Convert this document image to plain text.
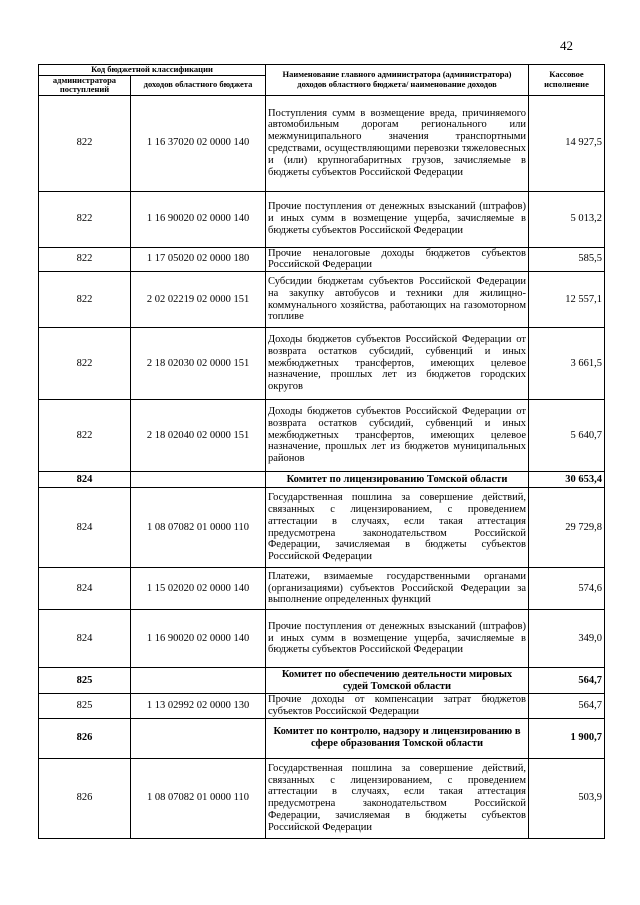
42
Код бюджетной классификации		Наименование главного администратора (администратора) доходов областного бюджета/ наименование доходов	Кассовое исполнение
администратора поступлений	доходов областного бюджета		
822	1 16 37020 02 0000 140	Поступления сумм в возмещение вреда, причиняемого автомобильным дорогам регионального или межмуниципального значения транспортными средствами, осуществляющими перевозки тяжеловесных и (или) крупногабаритных грузов, зачисляемые в бюджеты субъектов Российской Федерации	14 927,5
822	1 16 90020 02 0000 140	Прочие поступления от денежных взысканий (штрафов) и иных сумм в возмещение ущерба, зачисляемые в бюджеты субъектов Российской Федерации	5 013,2
822	1 17 05020 02 0000 180	Прочие неналоговые доходы бюджетов субъектов Российской Федерации	585,5
822	2 02 02219 02 0000 151	Субсидии бюджетам субъектов Российской Федерации на закупку автобусов и техники для жилищно-коммунального хозяйства, работающих на газомоторном топливе	12 557,1
822	2 18 02030 02 0000 151	Доходы бюджетов субъектов Российской Федерации от возврата остатков субсидий, субвенций и иных межбюджетных трансфертов, имеющих целевое назначение, прошлых лет из бюджетов городских округов	3 661,5
822	2 18 02040 02 0000 151	Доходы бюджетов субъектов Российской Федерации от возврата остатков субсидий, субвенций и иных межбюджетных трансфертов, имеющих целевое назначение, прошлых лет из бюджетов муниципальных районов	5 640,7
824		Комитет по лицензированию Томской области	30 653,4
824	1 08 07082 01 0000 110	Государственная пошлина за совершение действий, связанных с лицензированием, с проведением аттестации в случаях, если такая аттестация предусмотрена законодательством Российской Федерации, зачисляемая в бюджеты субъектов Российской Федерации	29 729,8
824	1 15 02020 02 0000 140	Платежи, взимаемые государственными органами (организациями) субъектов Российской Федерации за выполнение определенных функций	574,6
824	1 16 90020 02 0000 140	Прочие поступления от денежных взысканий (штрафов) и иных сумм в возмещение ущерба, зачисляемые в бюджеты субъектов Российской Федерации	349,0
825		Комитет по обеспечению деятельности мировых судей Томской области	564,7
825	1 13 02992 02 0000 130	Прочие доходы от компенсации затрат бюджетов субъектов Российской Федерации	564,7
826		Комитет по контролю, надзору и лицензированию в сфере образования Томской области	1 900,7
826	1 08 07082 01 0000 110	Государственная пошлина за совершение действий, связанных с лицензированием, с проведением аттестации в случаях, если такая аттестация предусмотрена законодательством Российской Федерации, зачисляемая в бюджеты субъектов Российской Федерации	503,9
